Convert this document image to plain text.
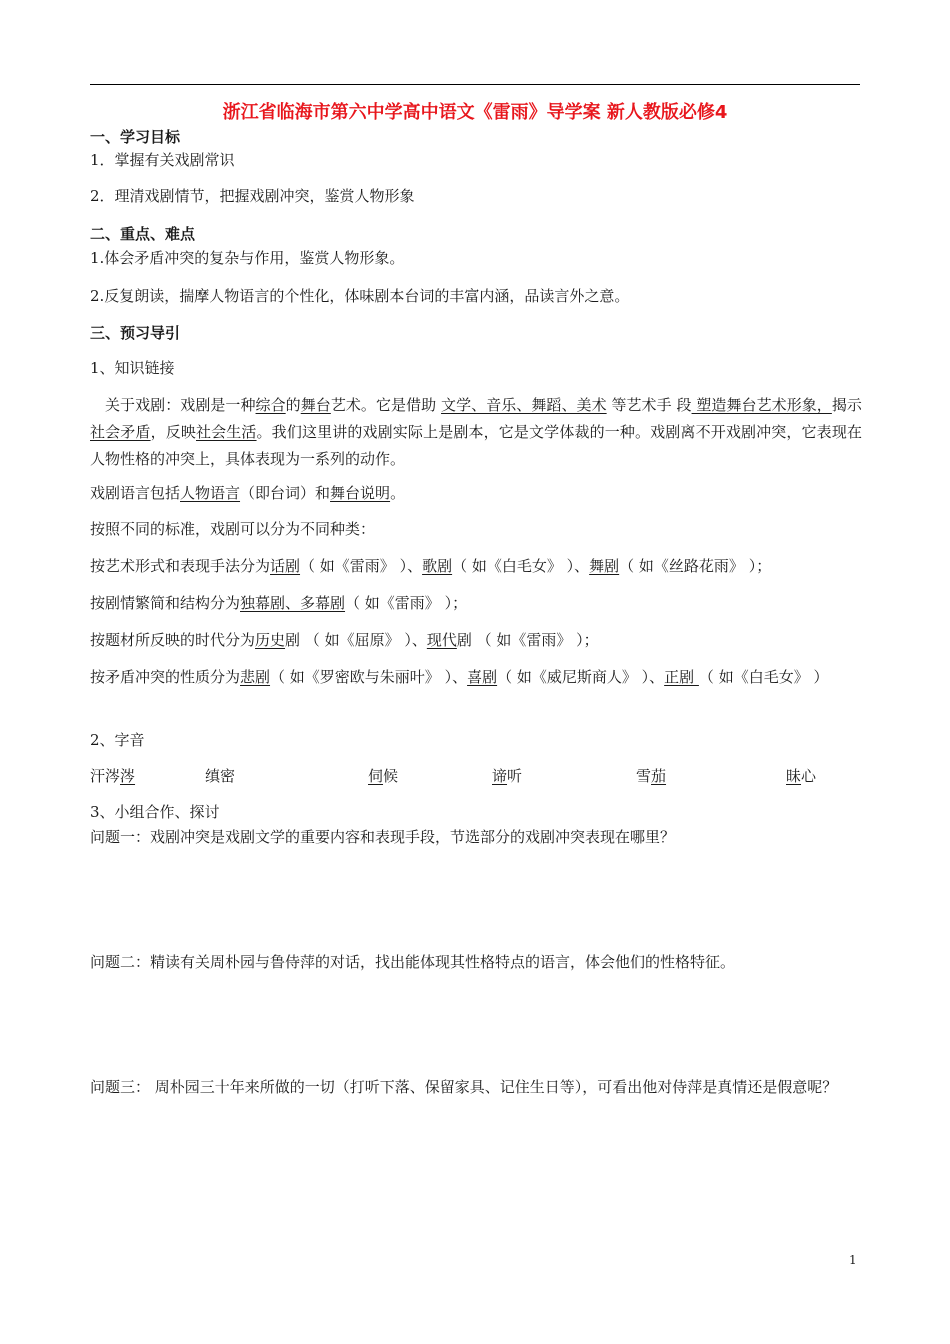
浙江省临海市第六中学高中语文《雷雨》导学案 新人教版必修4
一、学习目标
1．掌握有关戏剧常识
2．理清戏剧情节，把握戏剧冲突，鉴赏人物形象
二、重点、难点
1.体会矛盾冲突的复杂与作用，鉴赏人物形象。
2.反复朗读，揣摩人物语言的个性化，体味剧本台词的丰富内涵，品读言外之意。
三、预习导引
1、知识链接
关于戏剧：戏剧是一种综合的舞台艺术。它是借助 文学、音乐、舞蹈、美术 等艺术手 段 塑造舞台艺术形象，揭示社会矛盾，反映社会生活。我们这里讲的戏剧实际上是剧本，它是文学体裁的一种。戏剧离不开戏剧冲突，它表现在人物性格的冲突上，具体表现为一系列的动作。
戏剧语言包括人物语言（即台词）和舞台说明。
按照不同的标准，戏剧可以分为不同种类：
按艺术形式和表现手法分为话剧（ 如《雷雨》 ）、歌剧（ 如《白毛女》 ）、舞剧（ 如《丝路花雨》 ）；
按剧情繁简和结构分为独幕剧、多幕剧（ 如《雷雨》 ）；
按题材所反映的时代分为历史剧 （ 如《屈原》 ）、现代剧 （ 如《雷雨》 ）；
按矛盾冲突的性质分为悲剧（ 如《罗密欧与朱丽叶》 ）、喜剧（ 如《威尼斯商人》 ）、正剧 （ 如《白毛女》 ）
2、字音
汗涔涔	缜密	伺候	谛听	雪茄	昧心
3、小组合作、探讨
问题一：戏剧冲突是戏剧文学的重要内容和表现手段，节选部分的戏剧冲突表现在哪里？
问题二：精读有关周朴园与鲁侍萍的对话，找出能体现其性格特点的语言，体会他们的性格特征。
问题三： 周朴园三十年来所做的一切（打听下落、保留家具、记住生日等），可看出他对侍萍是真情还是假意呢？
1
